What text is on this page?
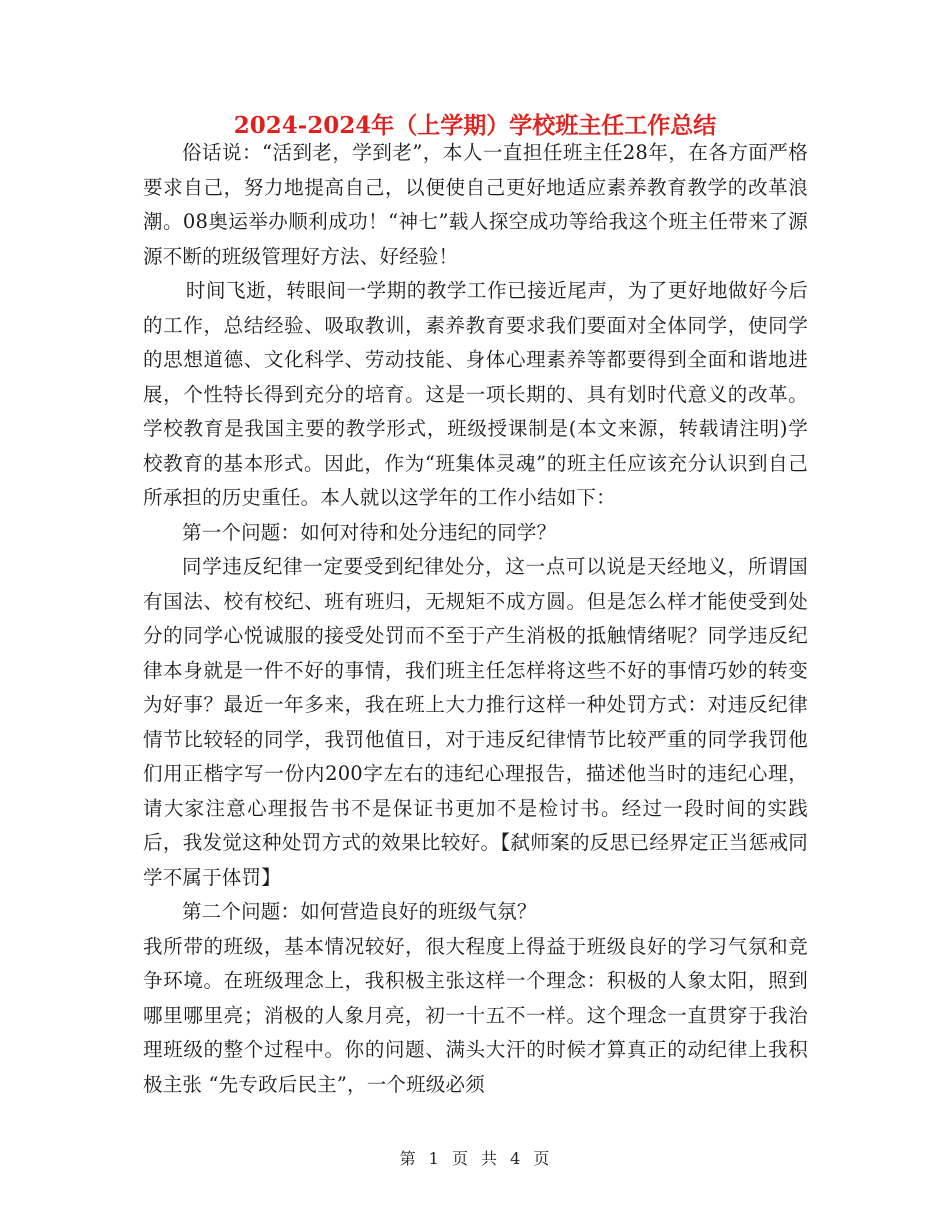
2024-2024年（上学期）学校班主任工作总结

俗话说：“活到老，学到老”，本人一直担任班主任28年，在各方面严格要求自己，努力地提高自己，以便使自己更好地适应素养教育教学的改革浪潮。08奥运举办顺利成功！“神七”载人探空成功等给我这个班主任带来了源源不断的班级管理好方法、好经验！

时间飞逝，转眼间一学期的教学工作已接近尾声，为了更好地做好今后的工作，总结经验、吸取教训，素养教育要求我们要面对全体同学，使同学的思想道德、文化科学、劳动技能、身体心理素养等都要得到全面和谐地进展，个性特长得到充分的培育。这是一项长期的、具有划时代意义的改革。学校教育是我国主要的教学形式，班级授课制是(本文来源，转载请注明)学校教育的基本形式。因此，作为“班集体灵魂”的班主任应该充分认识到自己所承担的历史重任。本人就以这学年的工作小结如下：

第一个问题：如何对待和处分违纪的同学？

同学违反纪律一定要受到纪律处分，这一点可以说是天经地义，所谓国有国法、校有校纪、班有班归，无规矩不成方圆。但是怎么样才能使受到处分的同学心悦诚服的接受处罚而不至于产生消极的抵触情绪呢？同学违反纪律本身就是一件不好的事情，我们班主任怎样将这些不好的事情巧妙的转变为好事？最近一年多来，我在班上大力推行这样一种处罚方式：对违反纪律情节比较轻的同学，我罚他值日，对于违反纪律情节比较严重的同学我罚他们用正楷字写一份内200字左右的违纪心理报告，描述他当时的违纪心理，请大家注意心理报告书不是保证书更加不是检讨书。经过一段时间的实践后，我发觉这种处罚方式的效果比较好。【弑师案的反思已经界定正当惩戒同学不属于体罚】

第二个问题：如何营造良好的班级气氛？

我所带的班级，基本情况较好，很大程度上得益于班级良好的学习气氛和竞争环境。在班级理念上，我积极主张这样一个理念：积极的人象太阳，照到哪里哪里亮；消极的人象月亮，初一十五不一样。这个理念一直贯穿于我治理班级的整个过程中。你的问题、满头大汗的时候才算真正的动纪律上我积极主张 “先专政后民主”，一个班级必须

第 1 页 共 4 页
